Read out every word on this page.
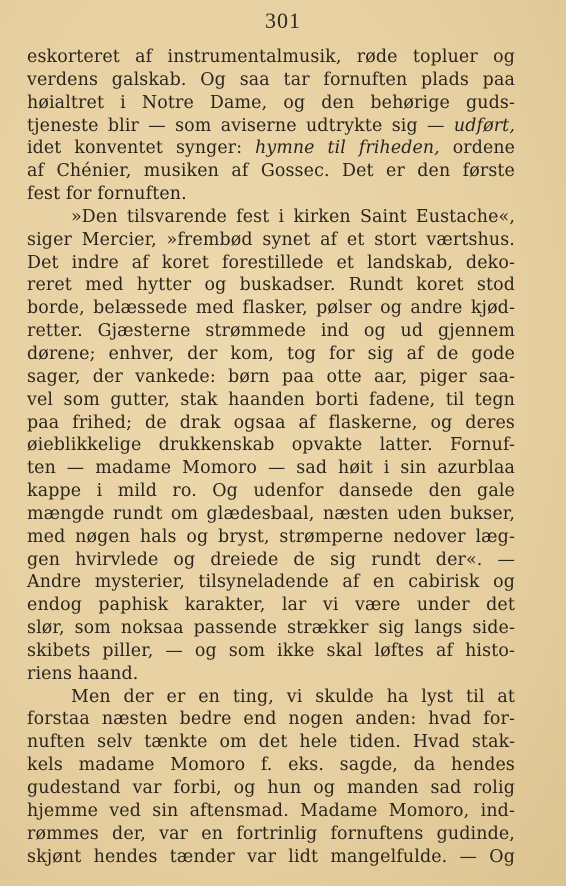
301
eskorteret af instrumentalmusik, røde topluer og
verdens galskab. Og saa tar fornuften plads paa
høialtret i Notre Dame, og den behørige guds-
tjeneste blir — som aviserne udtrykte sig — udført,
idet konventet synger: hymne til friheden, ordene
af Chénier, musiken af Gossec. Det er den første
fest for fornuften.
»Den tilsvarende fest i kirken Saint Eustache«,
siger Mercier, »frembød synet af et stort værtshus.
Det indre af koret forestillede et landskab, deko-
reret med hytter og buskadser. Rundt koret stod
borde, belæssede med flasker, pølser og andre kjød-
retter. Gjæsterne strømmede ind og ud gjennem
dørene; enhver, der kom, tog for sig af de gode
sager, der vankede: børn paa otte aar, piger saa-
vel som gutter, stak haanden borti fadene, til tegn
paa frihed; de drak ogsaa af flaskerne, og deres
øieblikkelige drukkenskab opvakte latter. Fornuf-
ten — madame Momoro — sad høit i sin azurblaa
kappe i mild ro. Og udenfor dansede den gale
mængde rundt om glædesbaal, næsten uden bukser,
med nøgen hals og bryst, strømperne nedover læg-
gen hvirvlede og dreiede de sig rundt der«. —
Andre mysterier, tilsyneladende af en cabirisk og
endog paphisk karakter, lar vi være under det
slør, som noksaa passende strækker sig langs side-
skibets piller, — og som ikke skal løftes af histo-
riens haand.
Men der er en ting, vi skulde ha lyst til at
forstaa næsten bedre end nogen anden: hvad for-
nuften selv tænkte om det hele tiden. Hvad stak-
kels madame Momoro f. eks. sagde, da hendes
gudestand var forbi, og hun og manden sad rolig
hjemme ved sin aftensmad. Madame Momoro, ind-
rømmes der, var en fortrinlig fornuftens gudinde,
skjønt hendes tænder var lidt mangelfulde. — Og
